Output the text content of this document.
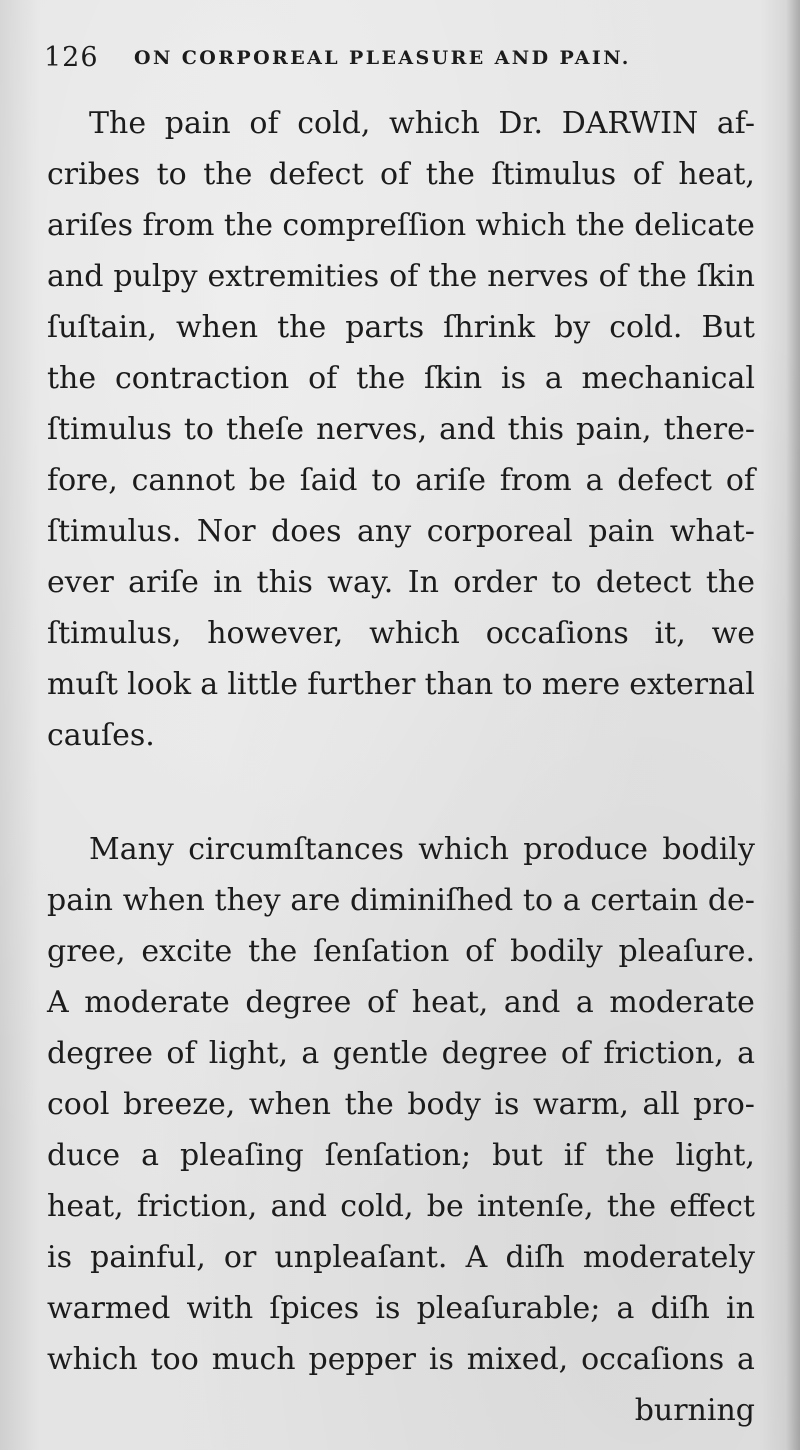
126 ON CORPOREAL PLEASURE AND PAIN.
The pain of cold, which Dr. DARWIN af-
cribes to the defect of the ſtimulus of heat,
ariſes from the compreſſion which the delicate
and pulpy extremities of the nerves of the ſkin
ſuſtain, when the parts ſhrink by cold. But
the contraction of the ſkin is a mechanical
ſtimulus to theſe nerves, and this pain, there-
fore, cannot be ſaid to ariſe from a defect of
ſtimulus. Nor does any corporeal pain what-
ever ariſe in this way. In order to detect the
ſtimulus, however, which occaſions it, we
muſt look a little further than to mere external
cauſes.
Many circumſtances which produce bodily
pain when they are diminiſhed to a certain de-
gree, excite the ſenſation of bodily pleaſure.
A moderate degree of heat, and a moderate
degree of light, a gentle degree of friction, a
cool breeze, when the body is warm, all pro-
duce a pleaſing ſenſation; but if the light,
heat, friction, and cold, be intenſe, the effect
is painful, or unpleaſant. A diſh moderately
warmed with ſpices is pleaſurable; a diſh in
which too much pepper is mixed, occaſions a
burning
